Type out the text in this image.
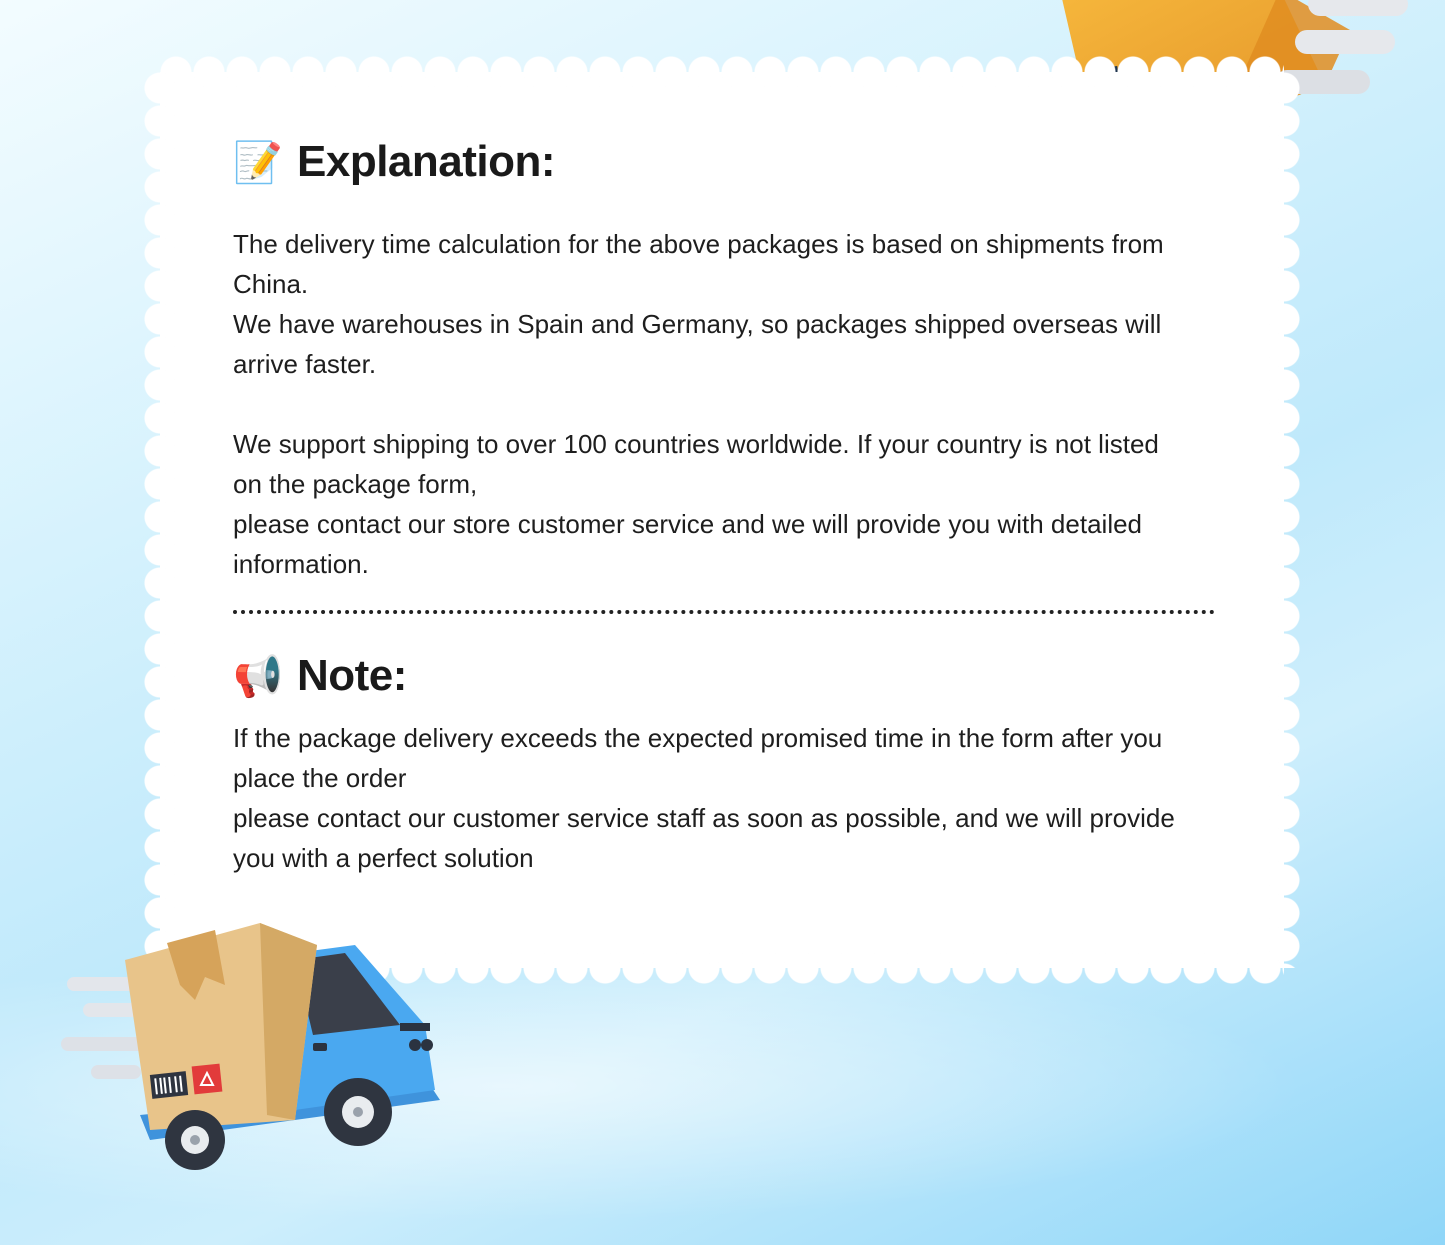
📝 Explanation:

The delivery time calculation for the above packages is based on shipments from

China.

We have warehouses in Spain and Germany, so packages shipped overseas will

arrive faster.

We support shipping to over 100 countries worldwide. If your country is not listed

on the package form,

please contact our store customer service and we will provide you with detailed

information.

📢 Note:

If the package delivery exceeds the expected promised time in the form after you

place the order

please contact our customer service staff as soon as possible, and we will provide

you with a perfect solution
